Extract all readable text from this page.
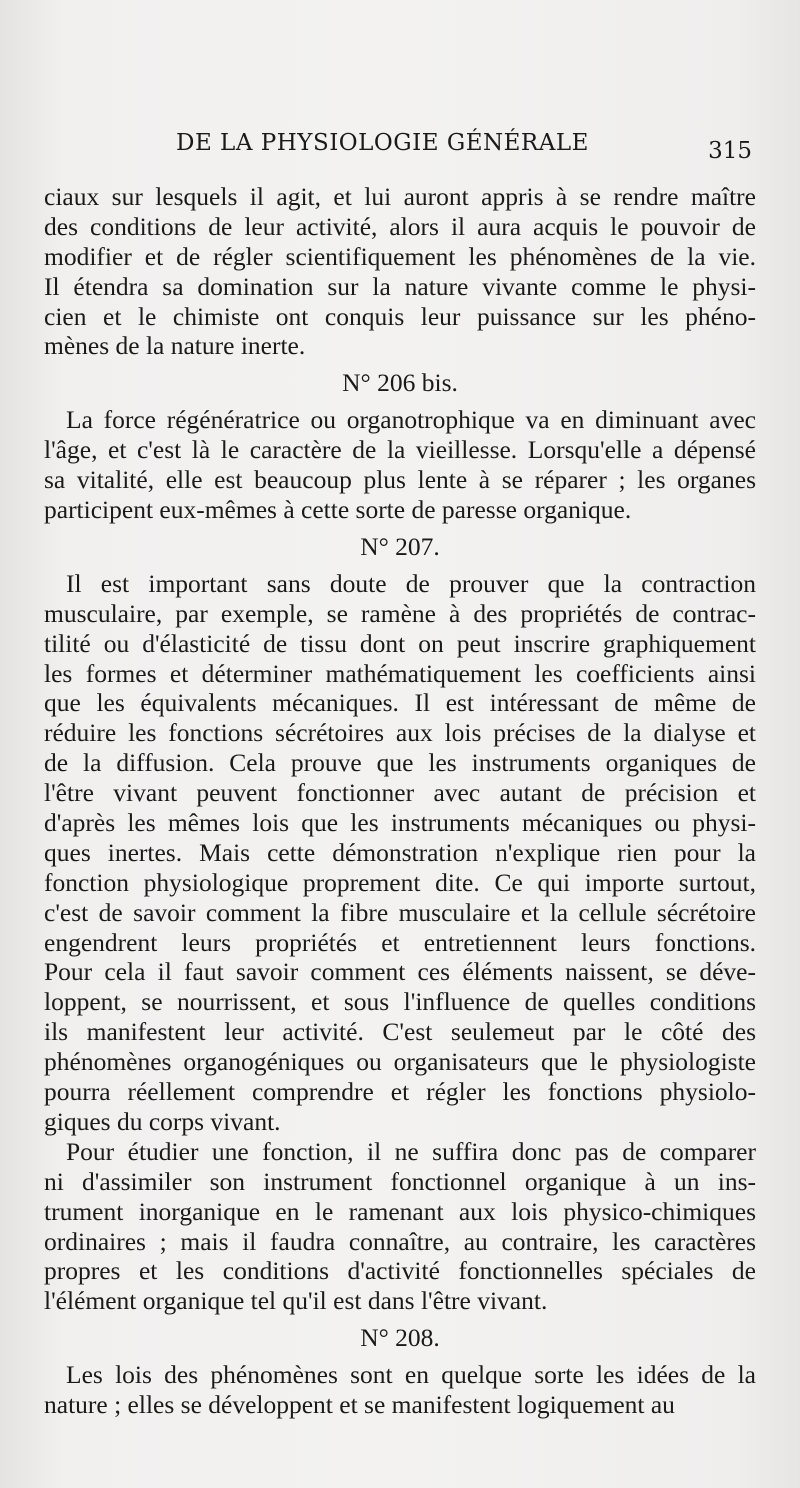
DE LA PHYSIOLOGIE GÉNÉRALE	315
ciaux sur lesquels il agit, et lui auront appris à se rendre maître
des conditions de leur activité, alors il aura acquis le pouvoir de
modifier et de régler scientifiquement les phénomènes de la vie.
Il étendra sa domination sur la nature vivante comme le physi-
cien et le chimiste ont conquis leur puissance sur les phéno-
mènes de la nature inerte.
N° 206 bis.
La force régénératrice ou organotrophique va en diminuant avec
l'âge, et c'est là le caractère de la vieillesse. Lorsqu'elle a dépensé
sa vitalité, elle est beaucoup plus lente à se réparer ; les organes
participent eux-mêmes à cette sorte de paresse organique.
N° 207.
Il est important sans doute de prouver que la contraction
musculaire, par exemple, se ramène à des propriétés de contrac-
tilité ou d'élasticité de tissu dont on peut inscrire graphiquement
les formes et déterminer mathématiquement les coefficients ainsi
que les équivalents mécaniques. Il est intéressant de même de
réduire les fonctions sécrétoires aux lois précises de la dialyse et
de la diffusion. Cela prouve que les instruments organiques de
l'être vivant peuvent fonctionner avec autant de précision et
d'après les mêmes lois que les instruments mécaniques ou physi-
ques inertes. Mais cette démonstration n'explique rien pour la
fonction physiologique proprement dite. Ce qui importe surtout,
c'est de savoir comment la fibre musculaire et la cellule sécrétoire
engendrent leurs propriétés et entretiennent leurs fonctions.
Pour cela il faut savoir comment ces éléments naissent, se déve-
loppent, se nourrissent, et sous l'influence de quelles conditions
ils manifestent leur activité. C'est seulemeut par le côté des
phénomènes organogéniques ou organisateurs que le physiologiste
pourra réellement comprendre et régler les fonctions physiolo-
giques du corps vivant.
Pour étudier une fonction, il ne suffira donc pas de comparer
ni d'assimiler son instrument fonctionnel organique à un ins-
trument inorganique en le ramenant aux lois physico-chimiques
ordinaires ; mais il faudra connaître, au contraire, les caractères
propres et les conditions d'activité fonctionnelles spéciales de
l'élément organique tel qu'il est dans l'être vivant.
N° 208.
Les lois des phénomènes sont en quelque sorte les idées de la
nature ; elles se développent et se manifestent logiquement au
